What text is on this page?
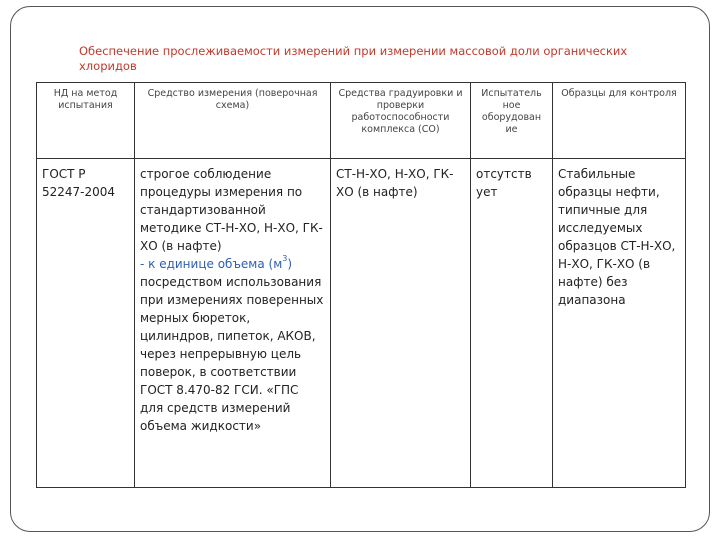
Обеспечение прослеживаемости измерений при измерении массовой доли органических хлоридов
НД на метод испытания	Средство измерения (поверочная схема)	Средства градуировки и проверки работоспособности комплекса (СО)	Испытатель ное оборудован ие	Образцы для контроля
ГОСТ Р 52247-2004	строгое соблюдение процедуры измерения по стандартизованной методике СТ-Н-ХО, Н-ХО, ГК-ХО (в нафте)
- к единице объема $(м^3)$
посредством использования при измерениях поверенных мерных бюреток, цилиндров, пипеток, АКОВ, через непрерывную цель поверок, в соответствии ГОСТ 8.470-82 ГСИ. «ГПС для средств измерений объема жидкости»	СТ-Н-ХО, Н-ХО, ГК-ХО (в нафте)	отсутств ует	Стабильные образцы нефти, типичные для исследуемых образцов СТ-Н-ХО, Н-ХО, ГК-ХО (в нафте) без диапазона
